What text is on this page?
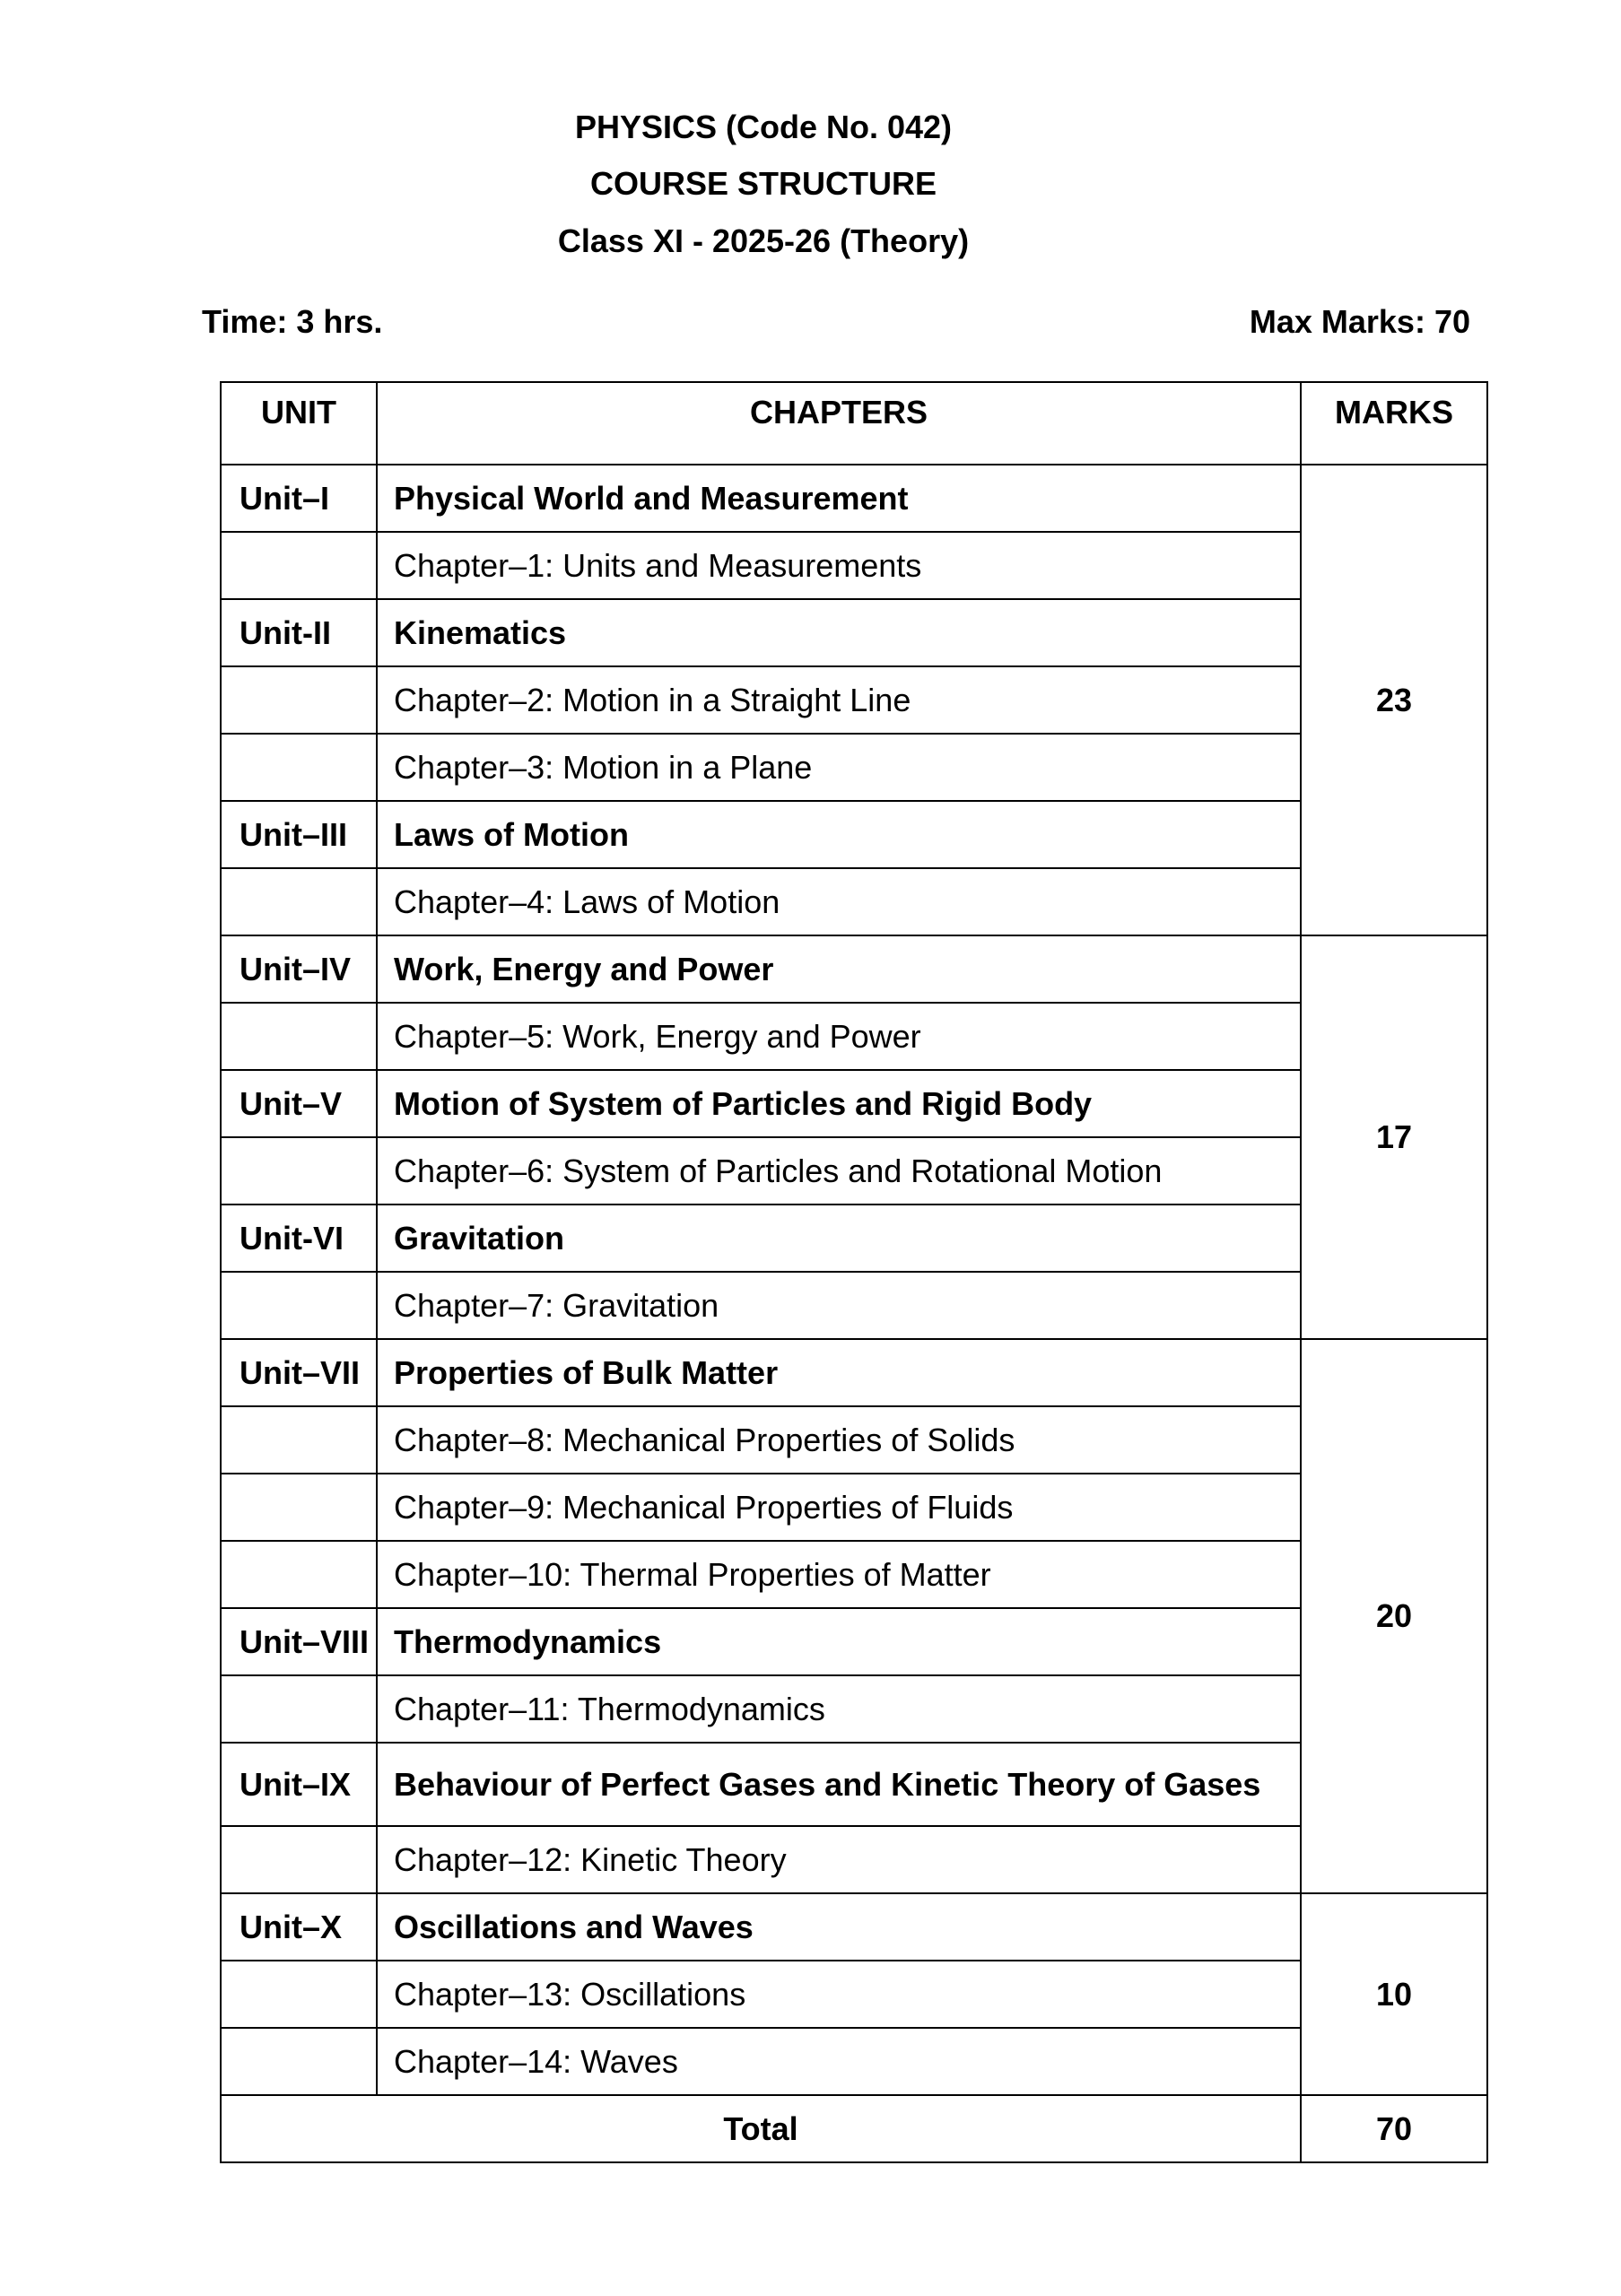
PHYSICS (Code No. 042)
COURSE STRUCTURE
Class XI - 2025-26 (Theory)
Time: 3 hrs.	Max Marks: 70
UNIT	CHAPTERS	MARKS
Unit–I	Physical World and Measurement	23
	Chapter–1: Units and Measurements	
Unit-II	Kinematics	
	Chapter–2: Motion in a Straight Line	
	Chapter–3: Motion in a Plane	
Unit–III	Laws of Motion	
	Chapter–4: Laws of Motion	
Unit–IV	Work, Energy and Power	17
	Chapter–5: Work, Energy and Power	
Unit–V	Motion of System of Particles and Rigid Body	
	Chapter–6: System of Particles and Rotational Motion	
Unit-VI	Gravitation	
	Chapter–7: Gravitation	
Unit–VII	Properties of Bulk Matter	20
	Chapter–8: Mechanical Properties of Solids	
	Chapter–9: Mechanical Properties of Fluids	
	Chapter–10: Thermal Properties of Matter	
Unit–VIII	Thermodynamics	
	Chapter–11: Thermodynamics	
Unit–IX	Behaviour of Perfect Gases and Kinetic Theory of Gases	
	Chapter–12: Kinetic Theory	
Unit–X	Oscillations and Waves	10
	Chapter–13: Oscillations	
	Chapter–14: Waves	
Total		70
